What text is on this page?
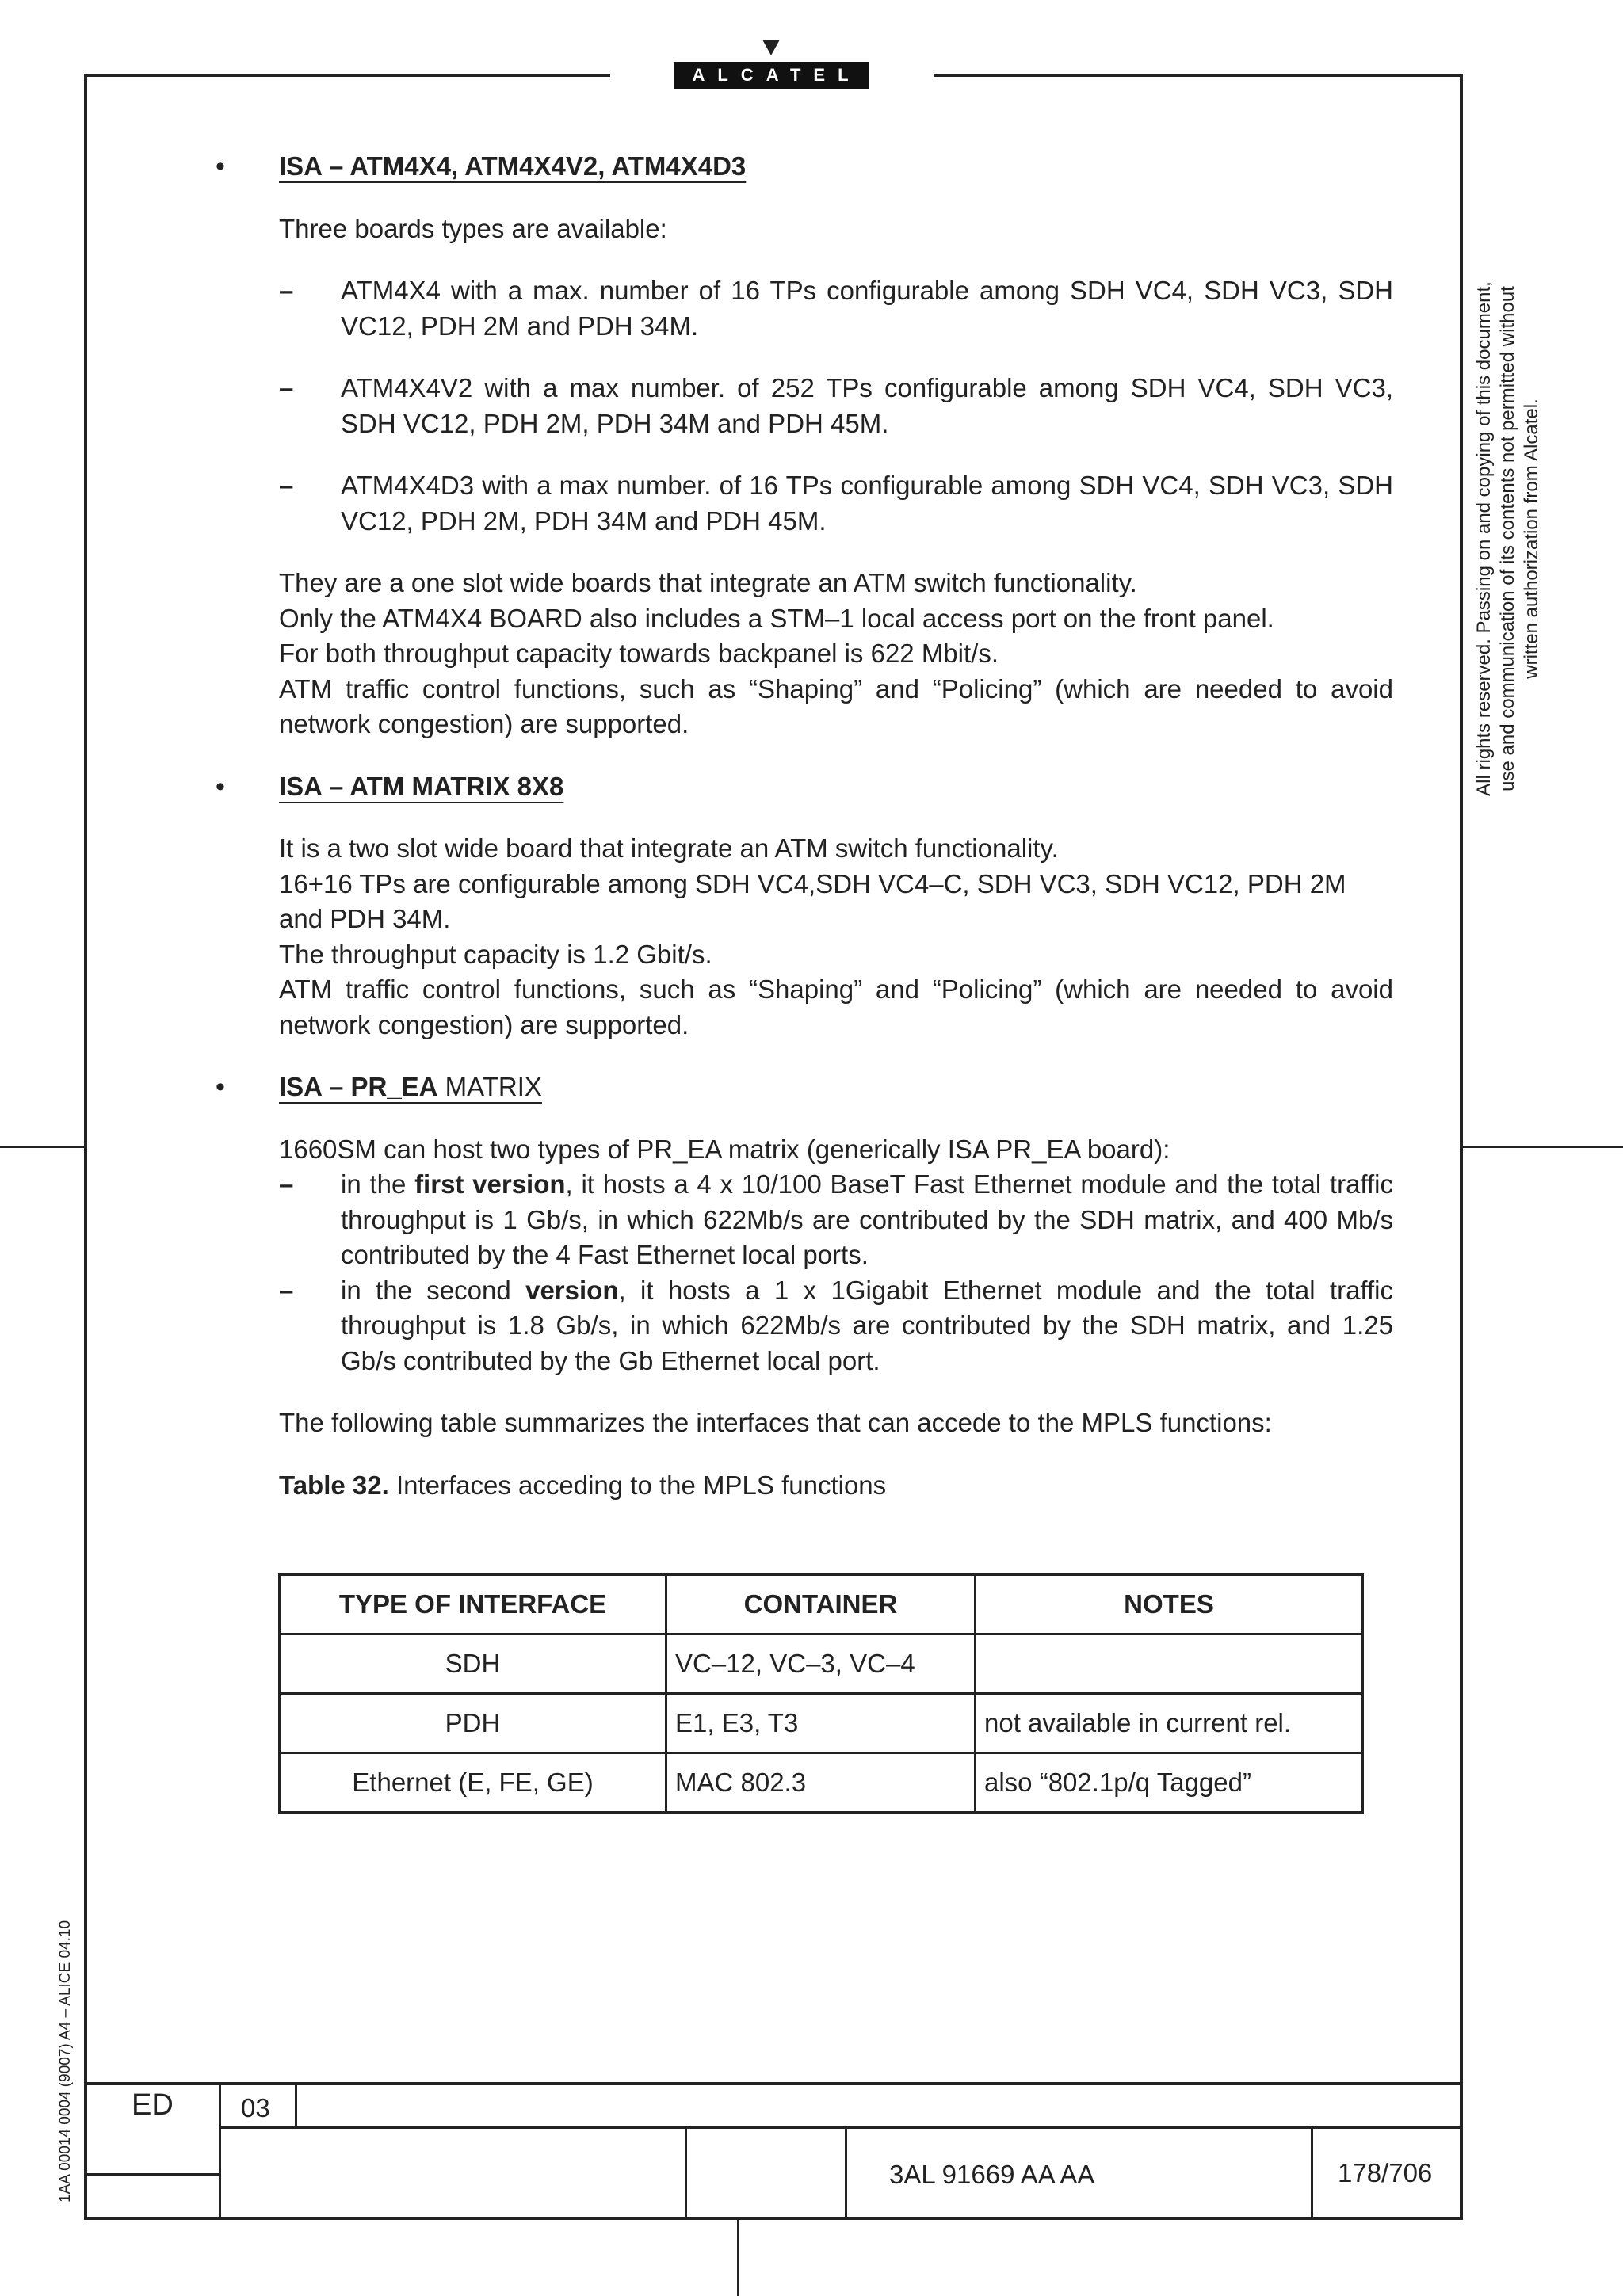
ALCATEL
All rights reserved. Passing on and copying of this document, use and communication of its contents not permitted without written authorization from Alcatel.
1AA 00014 0004 (9007) A4 – ALICE 04.10

• ISA – ATM4X4, ATM4X4V2, ATM4X4D3

Three boards types are available:

– ATM4X4 with a max. number of 16 TPs configurable among SDH VC4, SDH VC3, SDH VC12, PDH 2M and PDH 34M.

– ATM4X4V2 with a max number. of 252 TPs configurable among SDH VC4, SDH VC3, SDH VC12, PDH 2M, PDH 34M and PDH 45M.

– ATM4X4D3 with a max number. of 16 TPs configurable among SDH VC4, SDH VC3, SDH VC12, PDH 2M, PDH 34M and PDH 45M.

They are a one slot wide boards that integrate an ATM switch functionality.

Only the ATM4X4 BOARD also includes a STM–1 local access port on the front panel.

For both throughput capacity towards backpanel is 622 Mbit/s.

ATM traffic control functions, such as “Shaping” and “Policing” (which are needed to avoid network congestion) are supported.

• ISA – ATM MATRIX 8X8

It is a two slot wide board that integrate an ATM switch functionality.

16+16 TPs are configurable among SDH VC4,SDH VC4–C, SDH VC3, SDH VC12, PDH 2M and PDH 34M.

The throughput capacity is 1.2 Gbit/s.

ATM traffic control functions, such as “Shaping” and “Policing” (which are needed to avoid network congestion) are supported.

• ISA – PR_EA MATRIX

1660SM can host two types of PR_EA matrix (generically ISA PR_EA board):

– in the first version, it hosts a 4 x 10/100 BaseT Fast Ethernet module and the total traffic throughput is 1 Gb/s, in which 622Mb/s are contributed by the SDH matrix, and 400 Mb/s contributed by the 4 Fast Ethernet local ports.

– in the second version, it hosts a 1 x 1Gigabit Ethernet module and the total traffic throughput is 1.8 Gb/s, in which 622Mb/s are contributed by the SDH matrix, and 1.25 Gb/s contributed by the Gb Ethernet local port.

The following table summarizes the interfaces that can accede to the MPLS functions:

Table 32. Interfaces acceding to the MPLS functions

TYPE OF INTERFACE	CONTAINER	NOTES
SDH	VC–12, VC–3, VC–4	
PDH	E1, E3, T3	not available in current rel.
Ethernet (E, FE, GE)	MAC 802.3	also “802.1p/q Tagged”
ED	03
3AL 91669 AA AA	178/706
